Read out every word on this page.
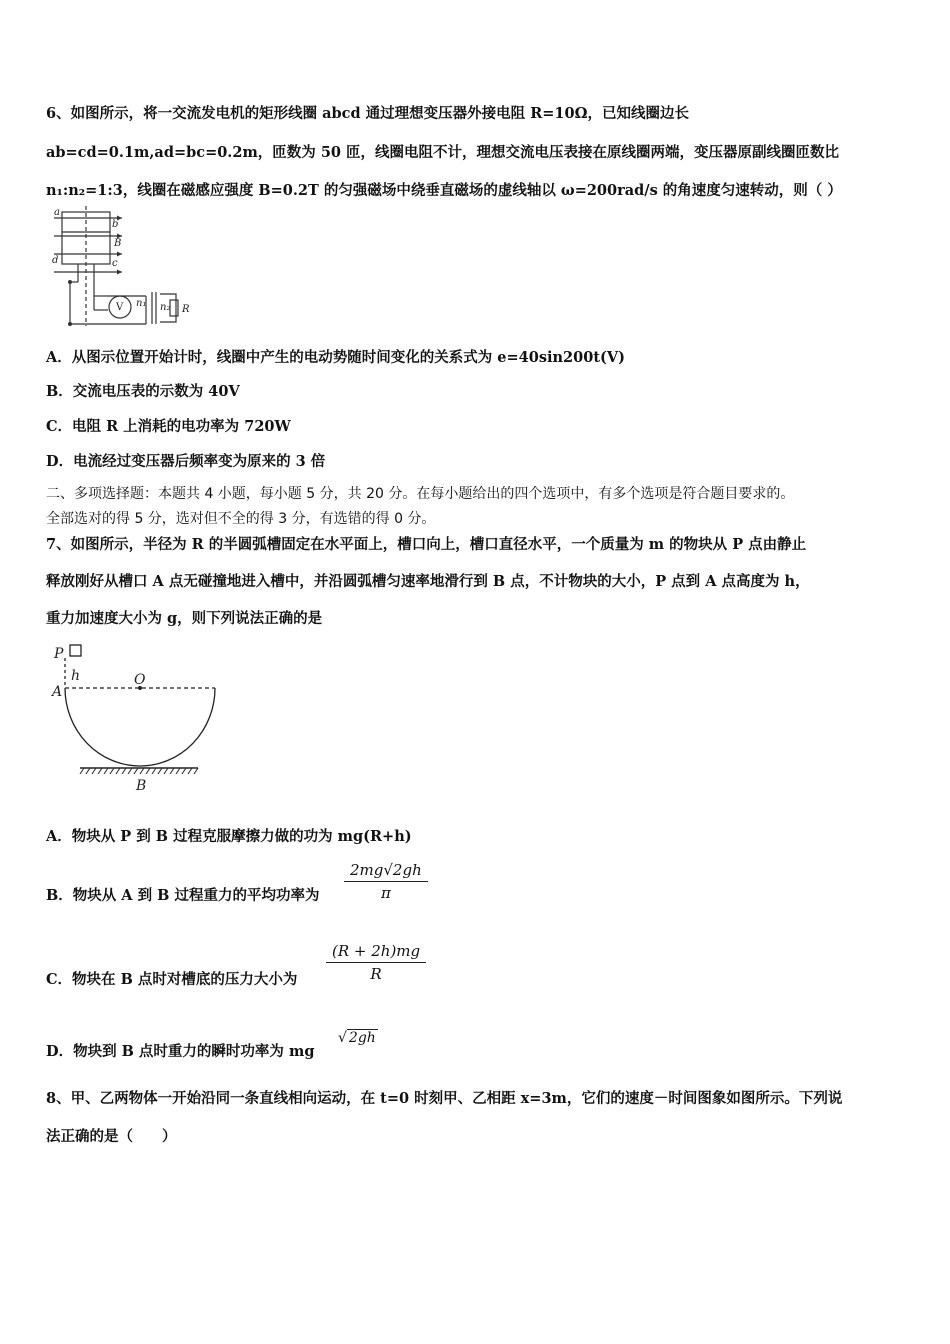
6、如图所示，将一交流发电机的矩形线圈 abcd 通过理想变压器外接电阻 R=10Ω，已知线圈边长
ab=cd=0.1m,ad=bc=0.2m，匝数为 50 匝，线圈电阻不计，理想交流电压表接在原线圈两端，变压器原副线圈匝数比
n₁:n₂=1:3，线圈在磁感应强度 B=0.2T 的匀强磁场中绕垂直磁场的虚线轴以 ω=200rad/s 的角速度匀速转动，则（ ）
a
b
B
d	c
V n₁ n₂ R
A．从图示位置开始计时，线圈中产生的电动势随时间变化的关系式为 e=40sin200t(V)
B．交流电压表的示数为 40V
C．电阻 R 上消耗的电功率为 720W
D．电流经过变压器后频率变为原来的 3 倍
二、多项选择题：本题共 4 小题，每小题 5 分，共 20 分。在每小题给出的四个选项中，有多个选项是符合题目要求的。
全部选对的得 5 分，选对但不全的得 3 分，有选错的得 0 分。
7、如图所示，半径为 R 的半圆弧槽固定在水平面上，槽口向上，槽口直径水平，一个质量为 m 的物块从 P 点由静止
释放刚好从槽口 A 点无碰撞地进入槽中，并沿圆弧槽匀速率地滑行到 B 点，不计物块的大小，P 点到 A 点高度为 h，
重力加速度大小为 g，则下列说法正确的是
P
h
A
O
B
A．物块从 P 到 B 过程克服摩擦力做的功为 mg(R+h)
B．物块从 A 到 B 过程重力的平均功率为 $\frac{2mg√2gh}{\pi}$
C．物块在 B 点时对槽底的压力大小为 $\frac{(R + 2h)mg}{R}$
D．物块到 B 点时重力的瞬时功率为 mg
√ 2gh
8、甲、乙两物体一开始沿同一条直线相向运动，在 t=0 时刻甲、乙相距 x=3m，它们的速度－时间图象如图所示。下列说
法正确的是（　　）
